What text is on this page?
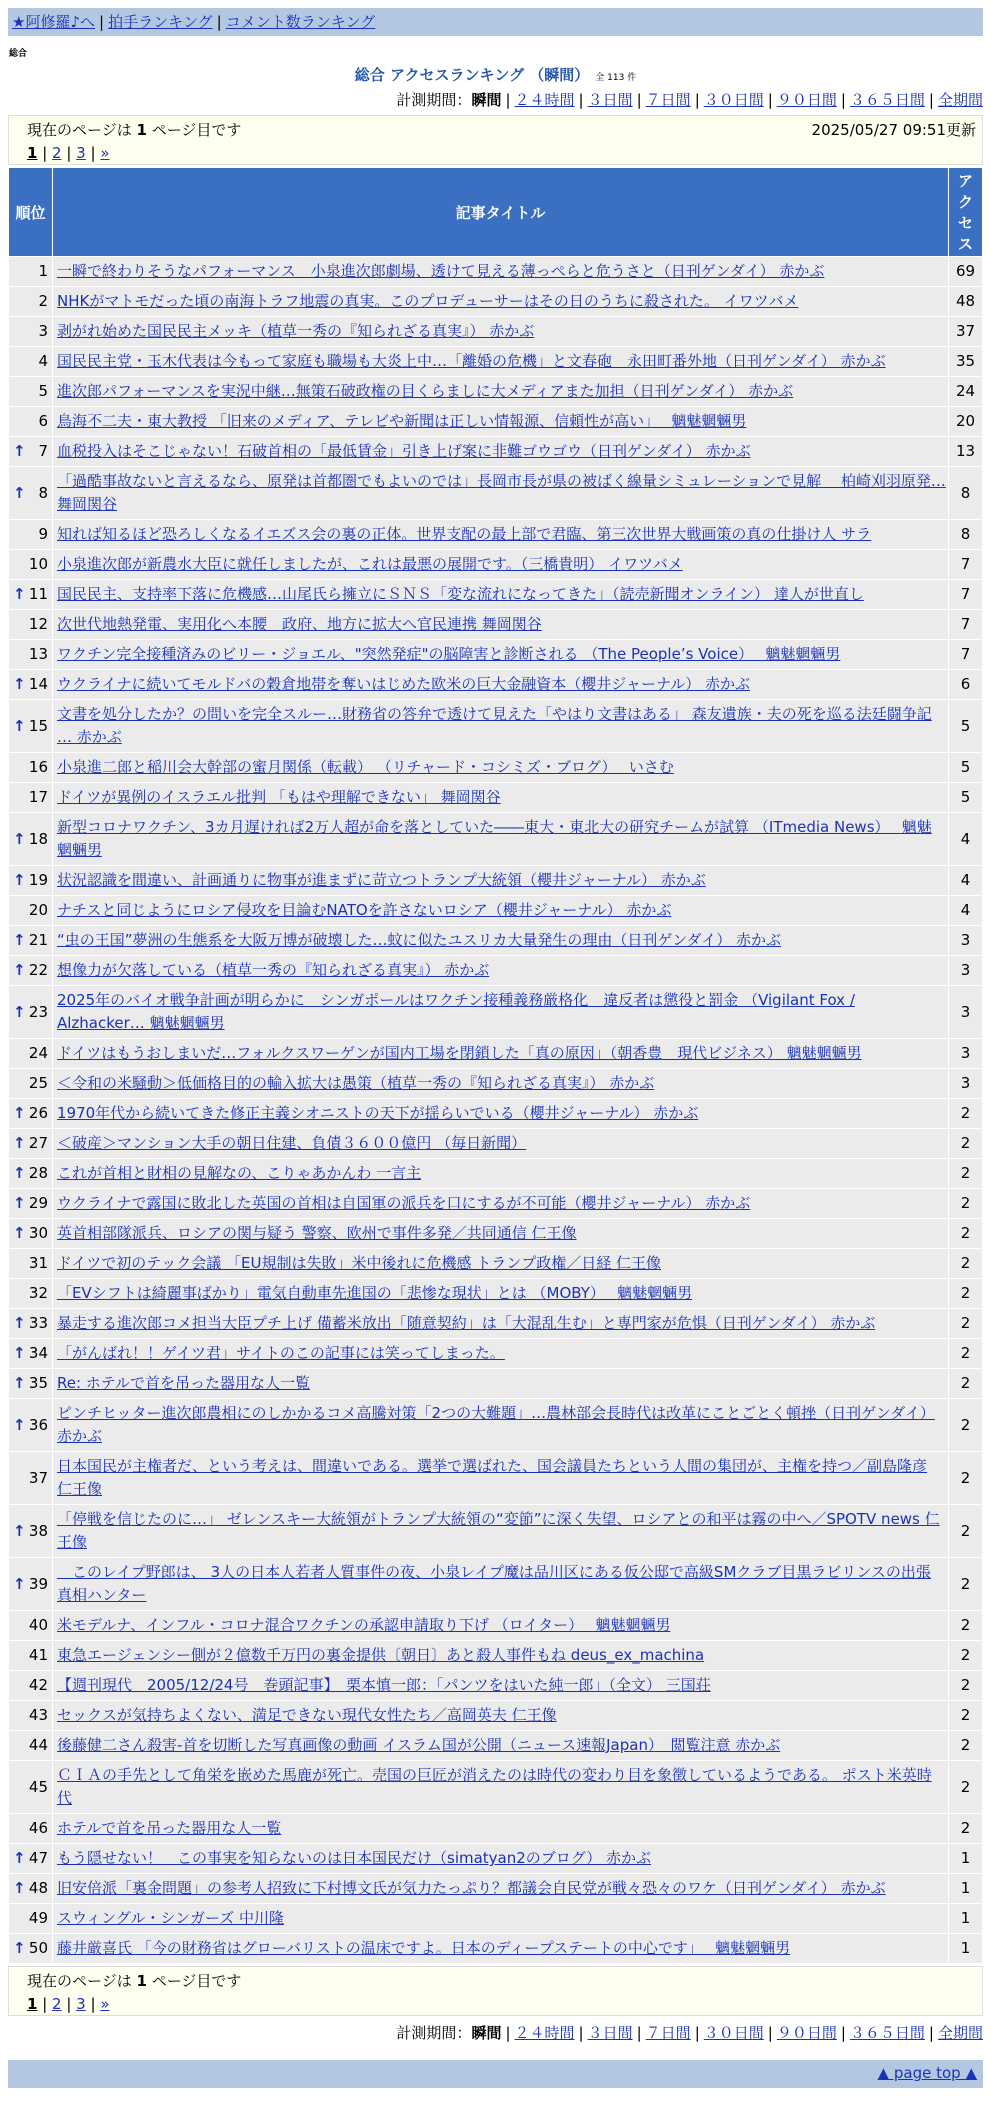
★阿修羅♪へ | 拍手ランキング | コメント数ランキング
総合
総合 アクセスランキング （瞬間） 全 113 件
計測期間：瞬間 | ２４時間 | ３日間 | ７日間 | ３０日間 | ９０日間 | ３６５日間 | 全期間
現在のページは 1 ページ目です	2025/05/27 09:51更新
1 | 2 | 3 | »
順位	記事タイトル	アクセス
1	一瞬で終わりそうなパフォーマンス　小泉進次郎劇場、透けて見える薄っぺらと危うさと（日刊ゲンダイ） 赤かぶ	69
2	NHKがマトモだった頃の南海トラフ地震の真実。このプロデューサーはその日のうちに殺された。 イワツバメ	48
3	剥がれ始めた国民民主メッキ（植草一秀の『知られざる真実』） 赤かぶ	37
4	国民民主党・玉木代表は今もって家庭も職場も大炎上中…「離婚の危機」と文春砲　永田町番外地（日刊ゲンダイ） 赤かぶ	35
5	進次郎パフォーマンスを実況中継…無策石破政権の目くらましに大メディアまた加担（日刊ゲンダイ） 赤かぶ	24
6	鳥海不二夫・東大教授 「旧来のメディア、テレビや新聞は正しい情報源、信頼性が高い」　 魑魅魍魎男	20

↑ 7	血税投入はそこじゃない！石破首相の「最低賃金」引き上げ案に非難ゴウゴウ（日刊ゲンダイ） 赤かぶ	13

↑ 8	「過酷事故ないと言えるなら、原発は首都圏でもよいのでは」長岡市長が県の被ばく線量シミュレーションで見解　 柏崎刈羽原発… 舞岡関谷	8
9	知れば知るほど恐ろしくなるイエズス会の裏の正体。世界支配の最上部で君臨、第三次世界大戦画策の真の仕掛け人 サラ	8
10	小泉進次郎が新農水大臣に就任しましたが、これは最悪の展開です。（三橋貴明） イワツバメ	7

↑ 11	国民民主、支持率下落に危機感…山尾氏ら擁立にＳＮＳ「変な流れになってきた」（読売新聞オンライン） 達人が世直し	7
12	次世代地熱発電、実用化へ本腰　政府、地方に拡大へ官民連携 舞岡関谷	7
13	ワクチン完全接種済みのビリー・ジョエル、"突然発症"の脳障害と診断される （The People’s Voice）　 魑魅魍魎男	7

↑ 14	ウクライナに続いてモルドバの穀倉地帯を奪いはじめた欧米の巨大金融資本（櫻井ジャーナル） 赤かぶ	6

↑ 15	文書を処分したか？の問いを完全スルー…財務省の答弁で透けて見えた「やはり文書はある」 森友遺族・夫の死を巡る法廷闘争記 … 赤かぶ	5
16	小泉進二郎と稲川会大幹部の蜜月関係（転載） （リチャード・コシミズ・ブログ）　 いさむ	5
17	ドイツが異例のイスラエル批判 「もはや理解できない」 舞岡関谷	5

↑ 18	新型コロナワクチン、3カ月遅ければ2万人超が命を落としていた――東大・東北大の研究チームが試算 （ITmedia News）　 魑魅魍魎男	4

↑ 19	状況認識を間違い、計画通りに物事が進まずに苛立つトランプ大統領（櫻井ジャーナル） 赤かぶ	4
20	ナチスと同じようにロシア侵攻を目論むNATOを許さないロシア（櫻井ジャーナル） 赤かぶ	4

↑ 21	“虫の王国”夢洲の生態系を大阪万博が破壊した…蚊に似たユスリカ大量発生の理由（日刊ゲンダイ） 赤かぶ	3

↑ 22	想像力が欠落している（植草一秀の『知られざる真実』） 赤かぶ	3

↑ 23	2025年のバイオ戦争計画が明らかに　シンガポールはワクチン接種義務厳格化　違反者は懲役と罰金 （Vigilant Fox / Alzhacker… 魑魅魍魎男	3
24	ドイツはもうおしまいだ…フォルクスワーゲンが国内工場を閉鎖した「真の原因」（朝香豊　現代ビジネス） 魑魅魍魎男	3
25	＜令和の米騒動＞低価格目的の輸入拡大は愚策（植草一秀の『知られざる真実』） 赤かぶ	3

↑ 26	1970年代から続いてきた修正主義シオニストの天下が揺らいでいる（櫻井ジャーナル） 赤かぶ	2

↑ 27	＜破産＞マンション大手の朝日住建、負債３６００億円 （毎日新聞）	2

↑ 28	これが首相と財相の見解なの、こりゃあかんわ 一言主	2

↑ 29	ウクライナで露国に敗北した英国の首相は自国軍の派兵を口にするが不可能（櫻井ジャーナル） 赤かぶ	2

↑ 30	英首相部隊派兵、ロシアの関与疑う 警察、欧州で事件多発／共同通信 仁王像	2
31	ドイツで初のテック会議 「EU規制は失敗」米中後れに危機感 トランプ政権／日経 仁王像	2
32	「EVシフトは綺麗事ばかり」電気自動車先進国の「悲惨な現状」とは （MOBY）　 魑魅魍魎男	2

↑ 33	暴走する進次郎コメ担当大臣プチ上げ 備蓄米放出「随意契約」は「大混乱生む」と専門家が危惧（日刊ゲンダイ） 赤かぶ	2

↑ 34	「がんばれ！！ゲイツ君」サイトのこの記事には笑ってしまった。	2

↑ 35	Re: ホテルで首を吊った器用な人一覧	2

↑ 36	ピンチヒッター進次郎農相にのしかかるコメ高騰対策「2つの大難題」…農林部会長時代は改革にことごとく頓挫（日刊ゲンダイ） 赤かぶ	2
37	日本国民が主権者だ、という考えは、間違いである。選挙で選ばれた、国会議員たちという人間の集団が、主権を持つ／副島隆彦 仁王像	2

↑ 38	「停戦を信じたのに…」 ゼレンスキー大統領がトランプ大統領の“変節”に深く失望、ロシアとの和平は霧の中へ／SPOTV news 仁王像	2

↑ 39	　このレイプ野郎は、 3人の日本人若者人質事件の夜、小泉レイプ魔は品川区にある仮公邸で高級SMクラブ目黒ラビリンスの出張 真相ハンター	2
40	米モデルナ、インフル・コロナ混合ワクチンの承認申請取り下げ （ロイター）　 魑魅魍魎男	2
41	東急エージェンシー側が２億数千万円の裏金提供〔朝日〕あと殺人事件もね deus_ex_machina	2
42	【週刊現代　2005/12/24号　巻頭記事】　栗本慎一郎：「パンツをはいた純一郎」（全文） 三国荘	2
43	セックスが気持ちよくない、満足できない現代女性たち／高岡英夫 仁王像	2
44	後藤健二さん殺害-首を切断した写真画像の動画 イスラム国が公開（ニュース速報Japan）　閲覧注意 赤かぶ	2
45	ＣＩＡの手先として角栄を嵌めた馬鹿が死亡。売国の巨匠が消えたのは時代の変わり目を象徴しているようである。 ポスト米英時代	2
46	ホテルで首を吊った器用な人一覧	2

↑ 47	もう隠せない！　この事実を知らないのは日本国民だけ（simatyan2のブログ） 赤かぶ	1

↑ 48	旧安倍派「裏金問題」の参考人招致に下村博文氏が気力たっぷり？都議会自民党が戦々恐々のワケ（日刊ゲンダイ） 赤かぶ	1
49	スウィングル・シンガーズ 中川隆	1

↑ 50	藤井厳喜氏 「今の財務省はグローバリストの温床ですよ。日本のディープステートの中心です」　 魑魅魍魎男	1
現在のページは 1 ページ目です
1 | 2 | 3 | »
計測期間：瞬間 | ２４時間 | ３日間 | ７日間 | ３０日間 | ９０日間 | ３６５日間 | 全期間
▲ page top ▲
